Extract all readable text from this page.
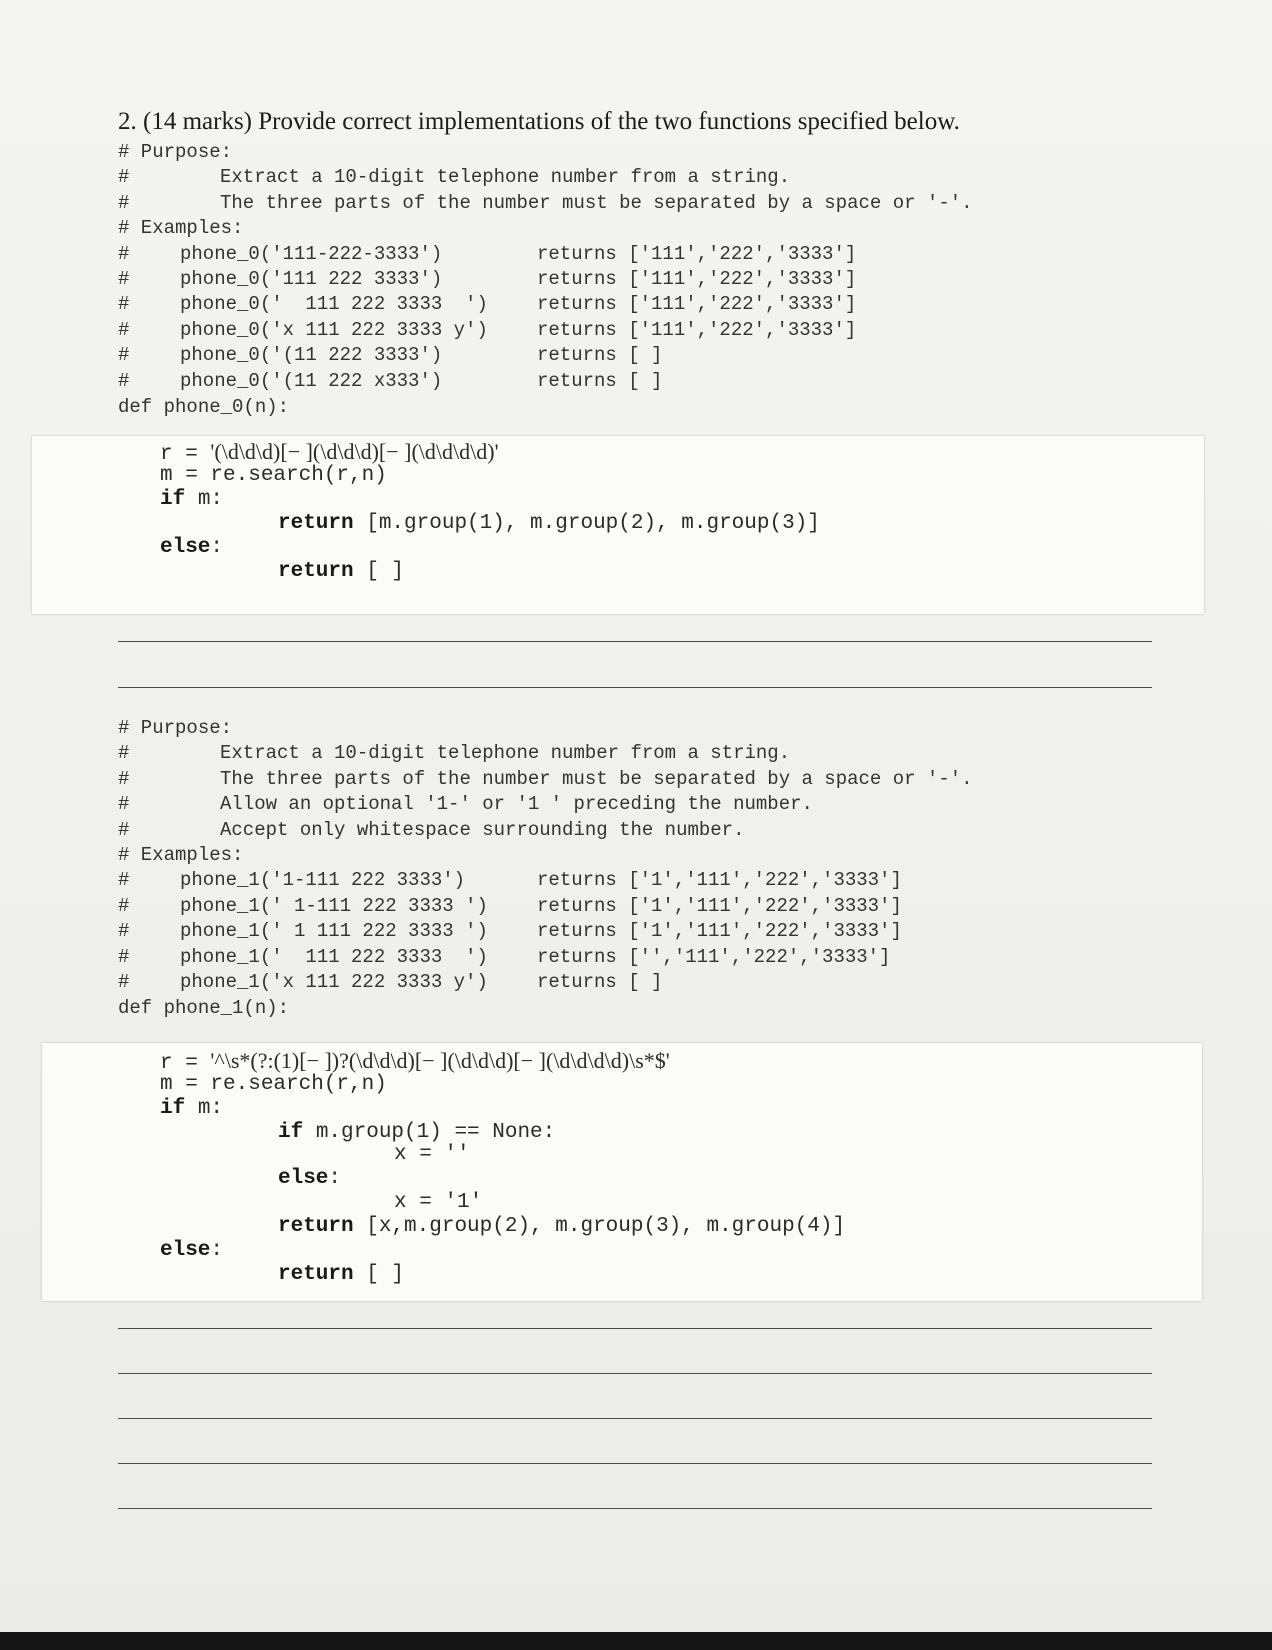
2. (14 marks) Provide correct implementations of the two functions specified below.
# Purpose:
#	Extract a 10-digit telephone number from a string.
#	The three parts of the number must be separated by a space or '-'.
# Examples:
#	phone_0('111-222-3333')	returns ['111','222','3333']
#	phone_0('111 222 3333')	returns ['111','222','3333']
#	phone_0('  111 222 3333  ')	returns ['111','222','3333']
#	phone_0('x 111 222 3333 y')	returns ['111','222','3333']
#	phone_0('(11 222 3333')	returns [ ]
#	phone_0('(11 222 x333')	returns [ ]
def phone_0(n):
r = '(\d\d\d)[− ](\d\d\d)[− ](\d\d\d\d)'
m = re.search(r,n)
if m:
return [m.group(1), m.group(2), m.group(3)]
else:
return [ ]
# Purpose:
#	Extract a 10-digit telephone number from a string.
#	The three parts of the number must be separated by a space or '-'.
#	Allow an optional '1-' or '1 ' preceding the number.
#	Accept only whitespace surrounding the number.
# Examples:
#	phone_1('1-111 222 3333')	returns ['1','111','222','3333']
#	phone_1(' 1-111 222 3333 ')	returns ['1','111','222','3333']
#	phone_1(' 1 111 222 3333 ')	returns ['1','111','222','3333']
#	phone_1('  111 222 3333  ')	returns ['','111','222','3333']
#	phone_1('x 111 222 3333 y')	returns [ ]
def phone_1(n):
r = '^\s*(?:(1)[− ])?(\d\d\d)[− ](\d\d\d)[− ](\d\d\d\d)\s*$'
m = re.search(r,n)
if m:
if m.group(1) == None:
x = ''
else:
x = '1'
return [x,m.group(2), m.group(3), m.group(4)]
else:
return [ ]
